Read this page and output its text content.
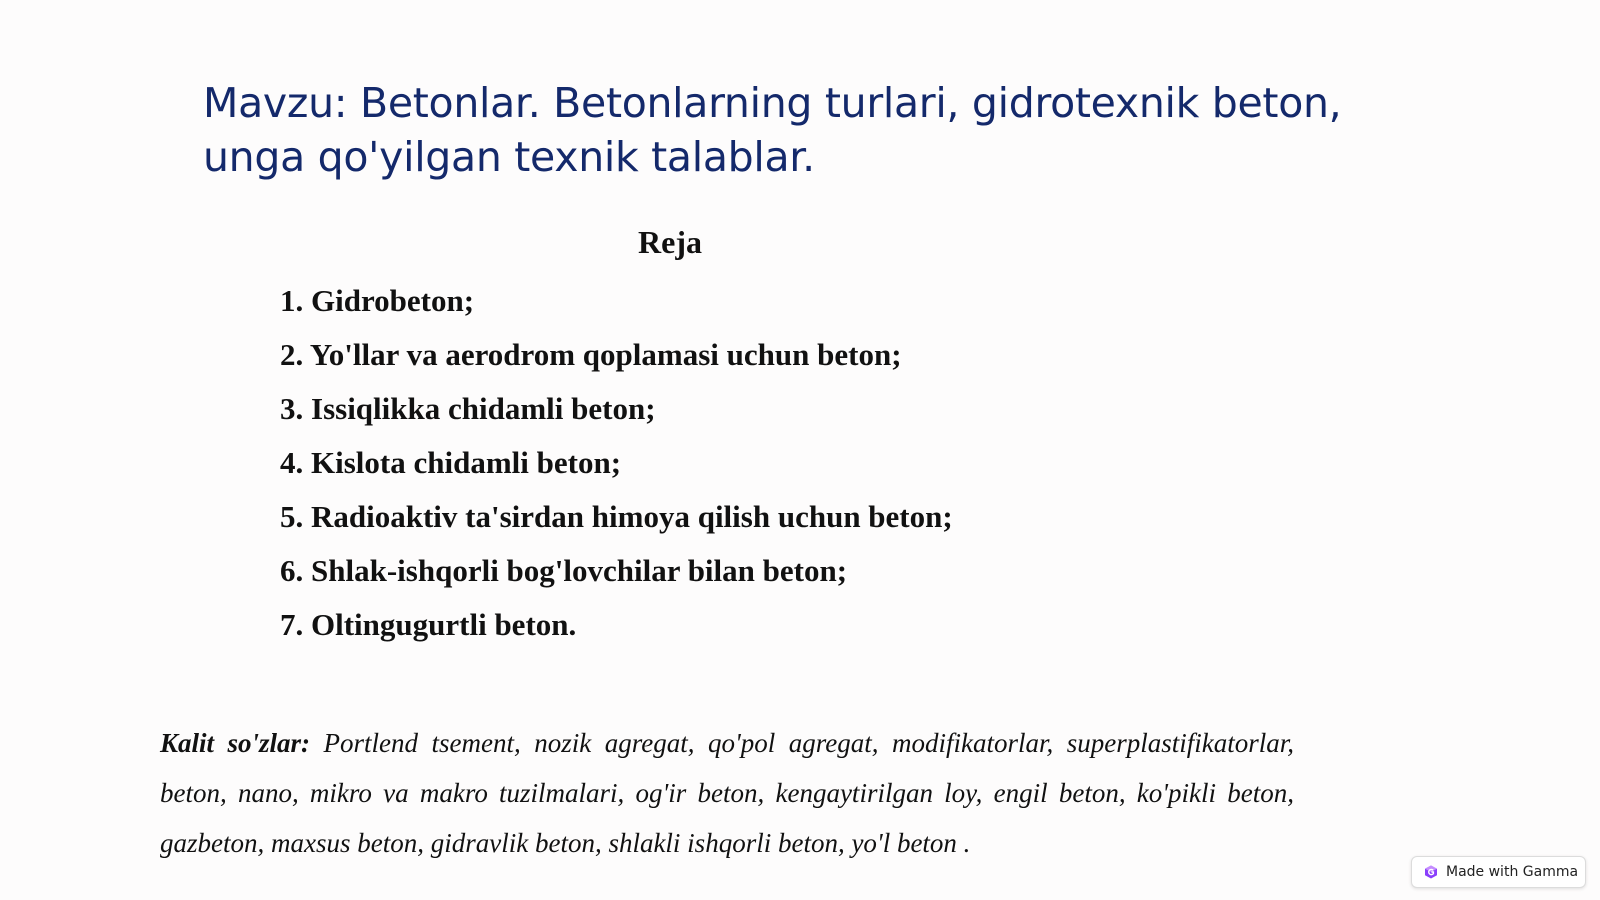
Mavzu: Betonlar. Betonlarning turlari, gidrotexnik beton, unga qo'yilgan texnik talablar.
Reja
1. Gidrobeton;
2. Yo'llar va aerodrom qoplamasi uchun beton;
3. Issiqlikka chidamli beton;
4. Kislota chidamli beton;
5. Radioaktiv ta'sirdan himoya qilish uchun beton;
6. Shlak-ishqorli bog'lovchilar bilan beton;
7. Oltingugurtli beton.

Kalit so'zlar: Portlend tsement, nozik agregat, qo'pol agregat, modifikatorlar, superplastifikatorlar, beton, nano, mikro va makro tuzilmalari, og'ir beton, kengaytirilgan loy, engil beton, ko'pikli beton, gazbeton, maxsus beton, gidravlik beton, shlakli ishqorli beton, yo'l beton .

Made with Gamma
